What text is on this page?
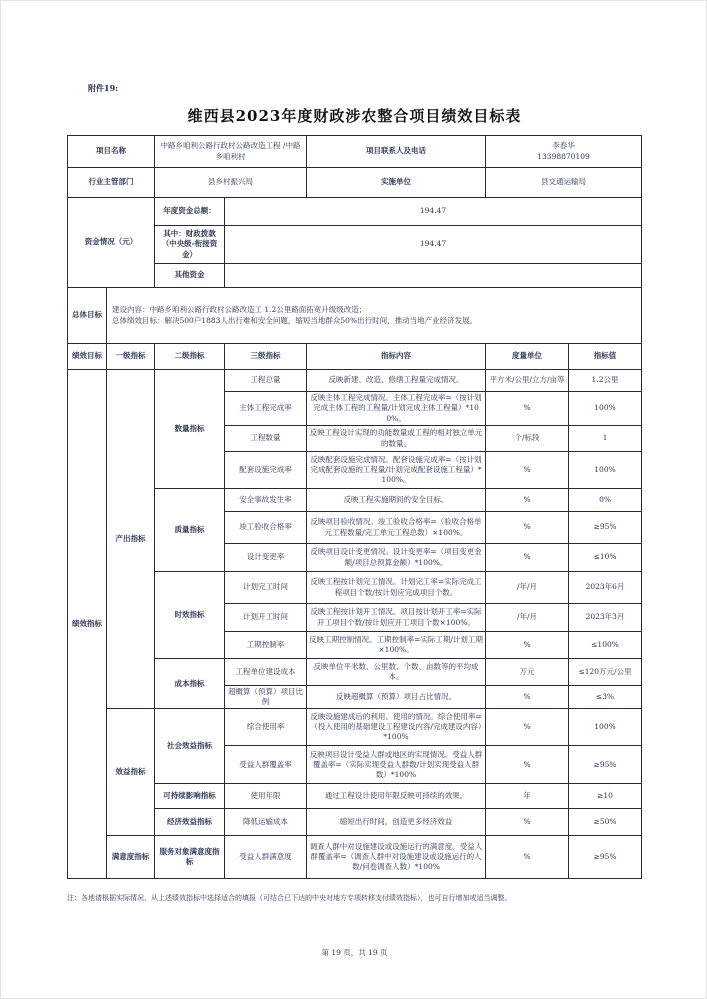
附件19:
维西县2023年度财政涉农整合项目绩效目标表
项目名称		中路乡咱利公路行政村公路改造工程 /中路乡咱利村		项目联系人及电话	李春华
13398870109	

行业主管部门		县乡村振兴局		实施单位	县交通运输局	
资金情况（元）		年度资金总额：	194.47			
		其中：财政拨款（中央级-衔接资金）	194.47			
		其他资金				
总体目标	建设内容：中路乡咱利公路行政村公路改造工 1.2公里路面拓宽升级级改造；
总体绩效目标：解决500户1883人出行难和安全问题，缩短当地群众50%出行时间，推动当地产业经济发展。					

绩效目标	一级指标	二级指标	三级指标	指标内容	度量单位	指标值
绩效指标	产出指标	数量指标	工程总量	反映新建、改造、修缮工程量完成情况。	平方米/公里/立方/亩等	1.2公里
			主体工程完成率	反映主体工程完成情况。主体工程完成率=（按计划完成主体工程的工程量/计划完成主体工程量）*100%。	%	100%
			工程数量	反映工程设计实现的功能数量或工程的相对独立单元的数量。	个/标段	1
			配套设施完成率	反映配套设施完成情况。配套设施完成率=（按计划完成配套设施的工程量/计划完成配套设施工程量）*100%。	%	100%
		质量指标	安全事故发生率	反映工程实施期间的安全目标。	%	0%
			竣工验收合格率	反映项目验收情况。竣工验收合格率=（验收合格单元工程数量/完工单元工程总数）×100%。	%	≥95%
			设计变更率	反映项目设计变更情况。设计变更率=（项目变更金额/项目总预算金额）*100%。	%	≤10%
		时效指标	计划完工时间	反映工程按计划完工情况。计划完工率=实际完成工程项目个数/按计划应完成项目个数。	/年/月	2023年6月
			计划开工时间	反映工程按计划开工情况。项目按计划开工率=实际开工项目个数/按计划应开工项目个数×100%。	/年/月	2023年3月
			工期控制率	反映工期控制情况。工期控制率=实际工期/计划工期×100%。	%	≤100%
		成本指标	工程单位建设成本	反映单位平米数、公里数、个数、亩数等的平均成本。	万元	≤120万元/公里
			超概算（预算）项目比例	反映超概算（预算）项目占比情况。	%	≤3%
	效益指标	社会效益指标	综合使用率	反映设施建成后的利用、使用的情况。综合使用率=（投入使用的基础建设工程建设内容/完成建设内容）*100%	%	100%
			受益人群覆盖率	反映项目设计受益人群或地区的实现情况。受益人群覆盖率=（实际实现受益人群数/计划实现受益人群数）*100%	%	≥95%
		可持续影响指标	使用年限	通过工程设计使用年限反映可持续的效果。	年	≥10
		经济效益指标	降低运输成本	缩短出行时间，创造更多经济效益	%	≥50%
	满意度指标	服务对象满意度指标	受益人群满意度	调查人群中对设施建设或设施运行的满意度。受益人群覆盖率=（调查人群中对设施建设或设施运行的人数/问卷调查人数）*100%	%	≥95%
注：各地请根据实际情况，从上述绩效指标中选择适合的填报（可结合已下达的中央对地方专项转移支付绩效指标），也可自行增加或适当调整。
第 19 页，共 19 页
